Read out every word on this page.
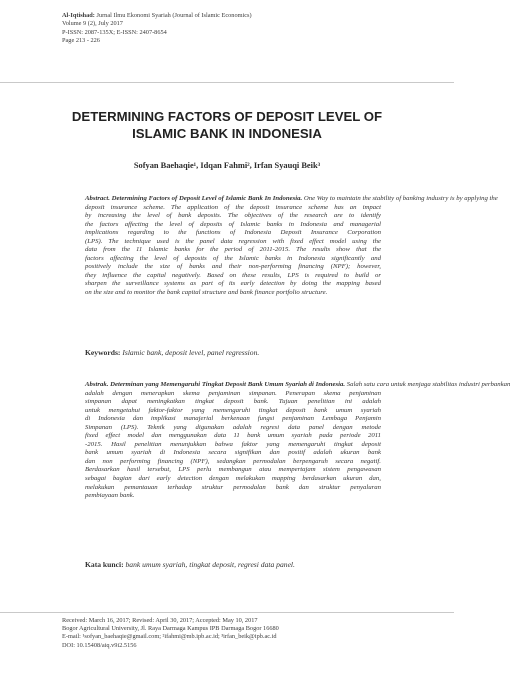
Al-Iqtishad: Jurnal Ilmu Ekonomi Syariah (Journal of Islamic Economics)
Volume 9 (2), July 2017
P-ISSN: 2087-135X; E-ISSN: 2407-8654
Page 213 - 226
DETERMINING FACTORS OF DEPOSIT LEVEL OF
ISLAMIC BANK IN INDONESIA
Sofyan Baehaqie¹, Idqan Fahmi², Irfan Syauqi Beik³
Abstract. Determining Factors of Deposit Level of Islamic Bank In Indonesia. One Way to maintain the stability of banking industry is by applying the
deposit insurance scheme. The application of the deposit insurance scheme has an impact
by increasing the level of bank deposits. The objectives of the research are to identify
the factors affecting the level of deposits of Islamic banks in Indonesia and managerial
implications regarding to the functions of Indonesia Deposit Insurance Corporation
(LPS). The technique used is the panel data regression with fixed effect model using the
data from the 11 Islamic banks for the period of 2011-2015. The results show that the
factors affecting the level of deposits of the Islamic banks in Indonesia significantly and
positively include the size of banks and their non-performing financing (NPF); however,
they influence the capital negatively. Based on these results, LPS is required to build or
sharpen the surveillance systems as part of its early detection by doing the mapping based
on the size and to monitor the bank capital structure and bank finance portfolio structure.
Keywords: Islamic bank, deposit level, panel regression.
Abstrak. Determinan yang Memengaruhi Tingkat Deposit Bank Umum Syariah di Indonesia. Salah satu cara untuk menjaga stabilitas industri perbankan
adalah dengan menerapkan skema penjaminan simpanan. Penerapan skema penjaminan
simpanan dapat meningkatkan tingkat deposit bank. Tujuan penelitian ini adalah
untuk mengetahui faktor-faktor yang memengaruhi tingkat deposit bank umum syariah
di Indonesia dan implikasi manajerial berkenaan fungsi penjaminan Lembaga Penjamin
Simpanan (LPS). Teknik yang digunakan adalah regresi data panel dengan metode
fixed effect model dan menggunakan data 11 bank umum syariah pada periode 2011
-2015. Hasil penelitian menunjukkan bahwa faktor yang memengaruhi tingkat deposit
bank umum syariah di Indonesia secara signifikan dan positif adalah ukuran bank
dan non performing financing (NPF), sedangkan permodalan berpengaruh secara negatif.
Berdasarkan hasil tersebut, LPS perlu membangun atau mempertajam sistem pengawasan
sebagai bagian dari early detection dengan melakukan mapping berdasarkan ukuran dan,
melakukan pemantauan terhadap struktur permodalan bank dan struktur penyaluran
pembiayaan bank.
Kata kunci: bank umum syariah, tingkat deposit, regresi data panel.
Received: March 16, 2017; Revised: April 30, 2017; Accepted: May 10, 2017
Bogor Agricultural University, Jl. Raya Darmaga Kampus IPB Darmaga Bogor 16680
E-mail: ¹sofyan_baehaqie@gmail.com; ²ifahmi@mb.ipb.ac.id; ³irfan_beik@ipb.ac.id
DOI: 10.15408/aiq.v9i2.5156
